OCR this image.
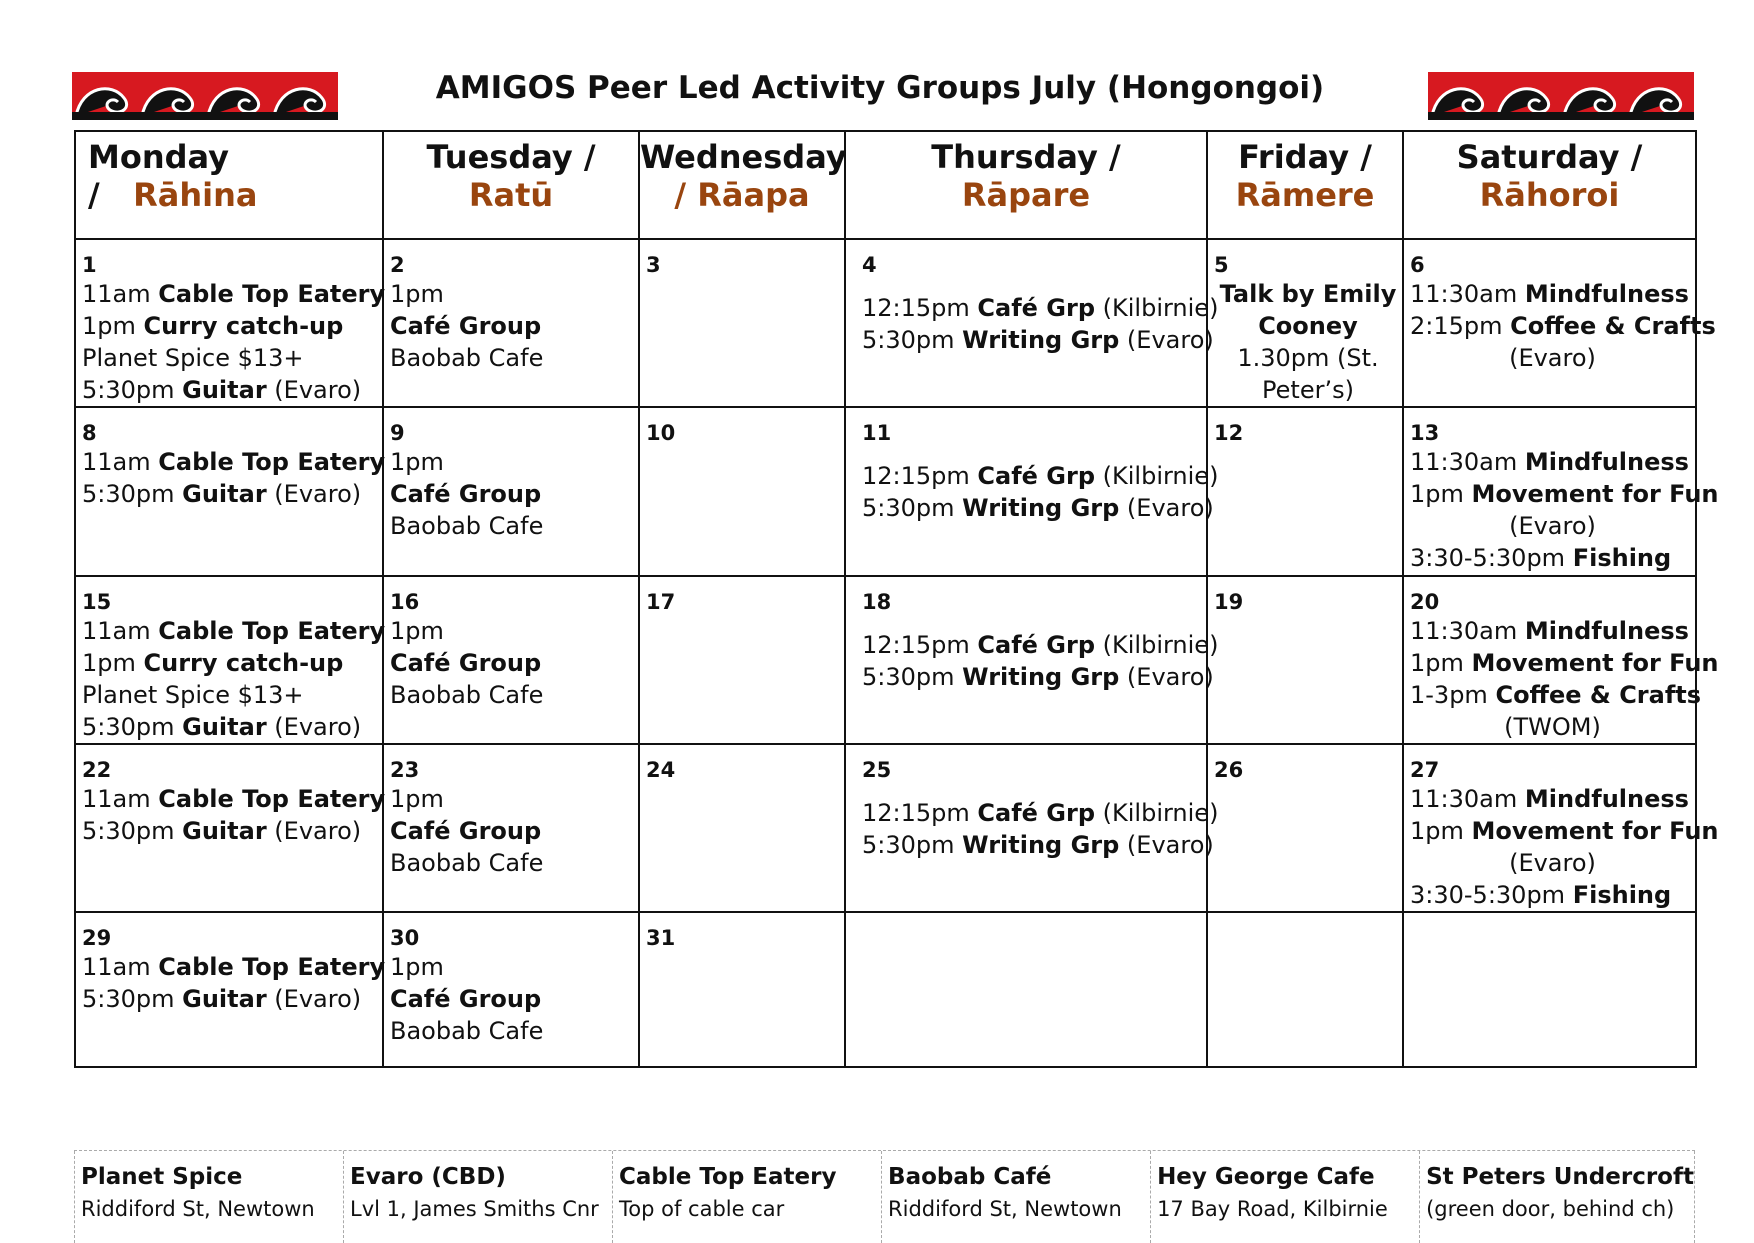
AMIGOS Peer Led Activity Groups July (Hongongoi)
Monday / Rāhina	Tuesday /
Ratū	Wednesday
/ Rāapa	Thursday /
Rāpare	Friday /
Rāmere	Saturday /
Rāhoroi

1
11am Cable Top Eatery
1pm Curry catch-up
Planet Spice $13+
5:30pm Guitar (Evaro)	2
1pm
Café Group
Baobab Cafe	3	4
12:15pm Café Grp (Kilbirnie)
5:30pm Writing Grp (Evaro)	5
Talk by Emily
Cooney
1.30pm (St.
Peter’s)	6
11:30am Mindfulness
2:15pm Coffee & Crafts
(Evaro)

8
11am Cable Top Eatery
5:30pm Guitar (Evaro)	9
1pm
Café Group
Baobab Cafe	10	11
12:15pm Café Grp (Kilbirnie)
5:30pm Writing Grp (Evaro)	12	13
11:30am Mindfulness
1pm Movement for Fun
(Evaro)
3:30-5:30pm Fishing

15
11am Cable Top Eatery
1pm Curry catch-up
Planet Spice $13+
5:30pm Guitar (Evaro)	16
1pm
Café Group
Baobab Cafe	17	18
12:15pm Café Grp (Kilbirnie)
5:30pm Writing Grp (Evaro)	19	20
11:30am Mindfulness
1pm Movement for Fun
1-3pm Coffee & Crafts
(TWOM)

22
11am Cable Top Eatery
5:30pm Guitar (Evaro)	23
1pm
Café Group
Baobab Cafe	24	25
12:15pm Café Grp (Kilbirnie)
5:30pm Writing Grp (Evaro)	26	27
11:30am Mindfulness
1pm Movement for Fun
(Evaro)
3:30-5:30pm Fishing

29
11am Cable Top Eatery
5:30pm Guitar (Evaro)	30
1pm
Café Group
Baobab Cafe	31			

Planet Spice
Riddiford St, Newtown
Evaro (CBD)
Lvl 1, James Smiths Cnr
Cable Top Eatery
Top of cable car
Baobab Café
Riddiford St, Newtown
Hey George Cafe
17 Bay Road, Kilbirnie
St Peters Undercroft
(green door, behind ch)
